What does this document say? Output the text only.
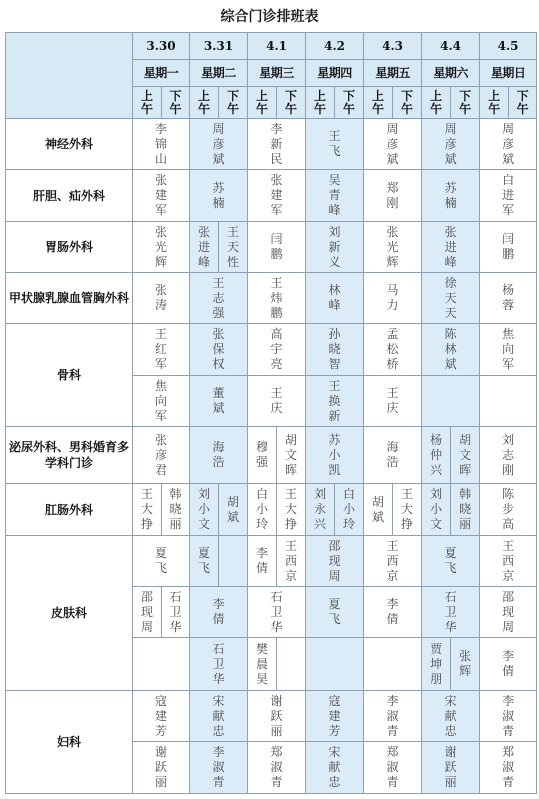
综合门诊排班表
	3.30		3.31		4.1		4.2		4.3		4.4		4.5	
	星期一		星期二		星期三		星期四		星期五		星期六		星期日	
	上午	下午	上午	下午	上午	下午	上午	下午	上午	下午	上午	下午	上午	下午
神经外科	李锦山		周彦斌		李新民		王飞		周彦斌		周彦斌		周彦斌	
肝胆、疝外科	张建军		苏楠		张建军		吴青峰		郑刚		苏楠		白进军	
胃肠外科	张光辉		张进峰	王天性	闫鹏		刘新义		张光辉		张进峰		闫鹏	
甲状腺乳腺血管胸外科	张涛		王志强		王炜鹏		林峰		马力		徐天天		杨蓉	
骨科	王红军		张保权		高宇亮		孙晓智		孟松桥		陈林斌		焦向军	
	焦向军		董斌		王庆		王换新		王庆					
泌尿外科、男科婚育多学科门诊	张彦君		海浩		穆强	胡文晖	苏小凯		海浩		杨仲兴	胡文晖	刘志刚	
肛肠外科	王大挣	韩晓丽	刘小文	胡斌	白小玲	王大挣	刘永兴	白小玲	胡斌	王大挣	刘小文	韩晓丽	陈步高	
皮肤科	夏飞		夏飞		李倩	王西京	邵现周		王西京		夏飞		王西京	
	邵现周	石卫华	李倩		石卫华		夏飞		李倩		石卫华		邵现周	
			石卫华		樊晨昊						贾坤朋	张辉	李倩	
妇科	寇建芳		宋献忠		谢跃丽		寇建芳		李淑青		宋献忠		李淑青	
	谢跃丽		李淑青		郑淑青		宋献忠		郑淑青		谢跃丽		郑淑青	
